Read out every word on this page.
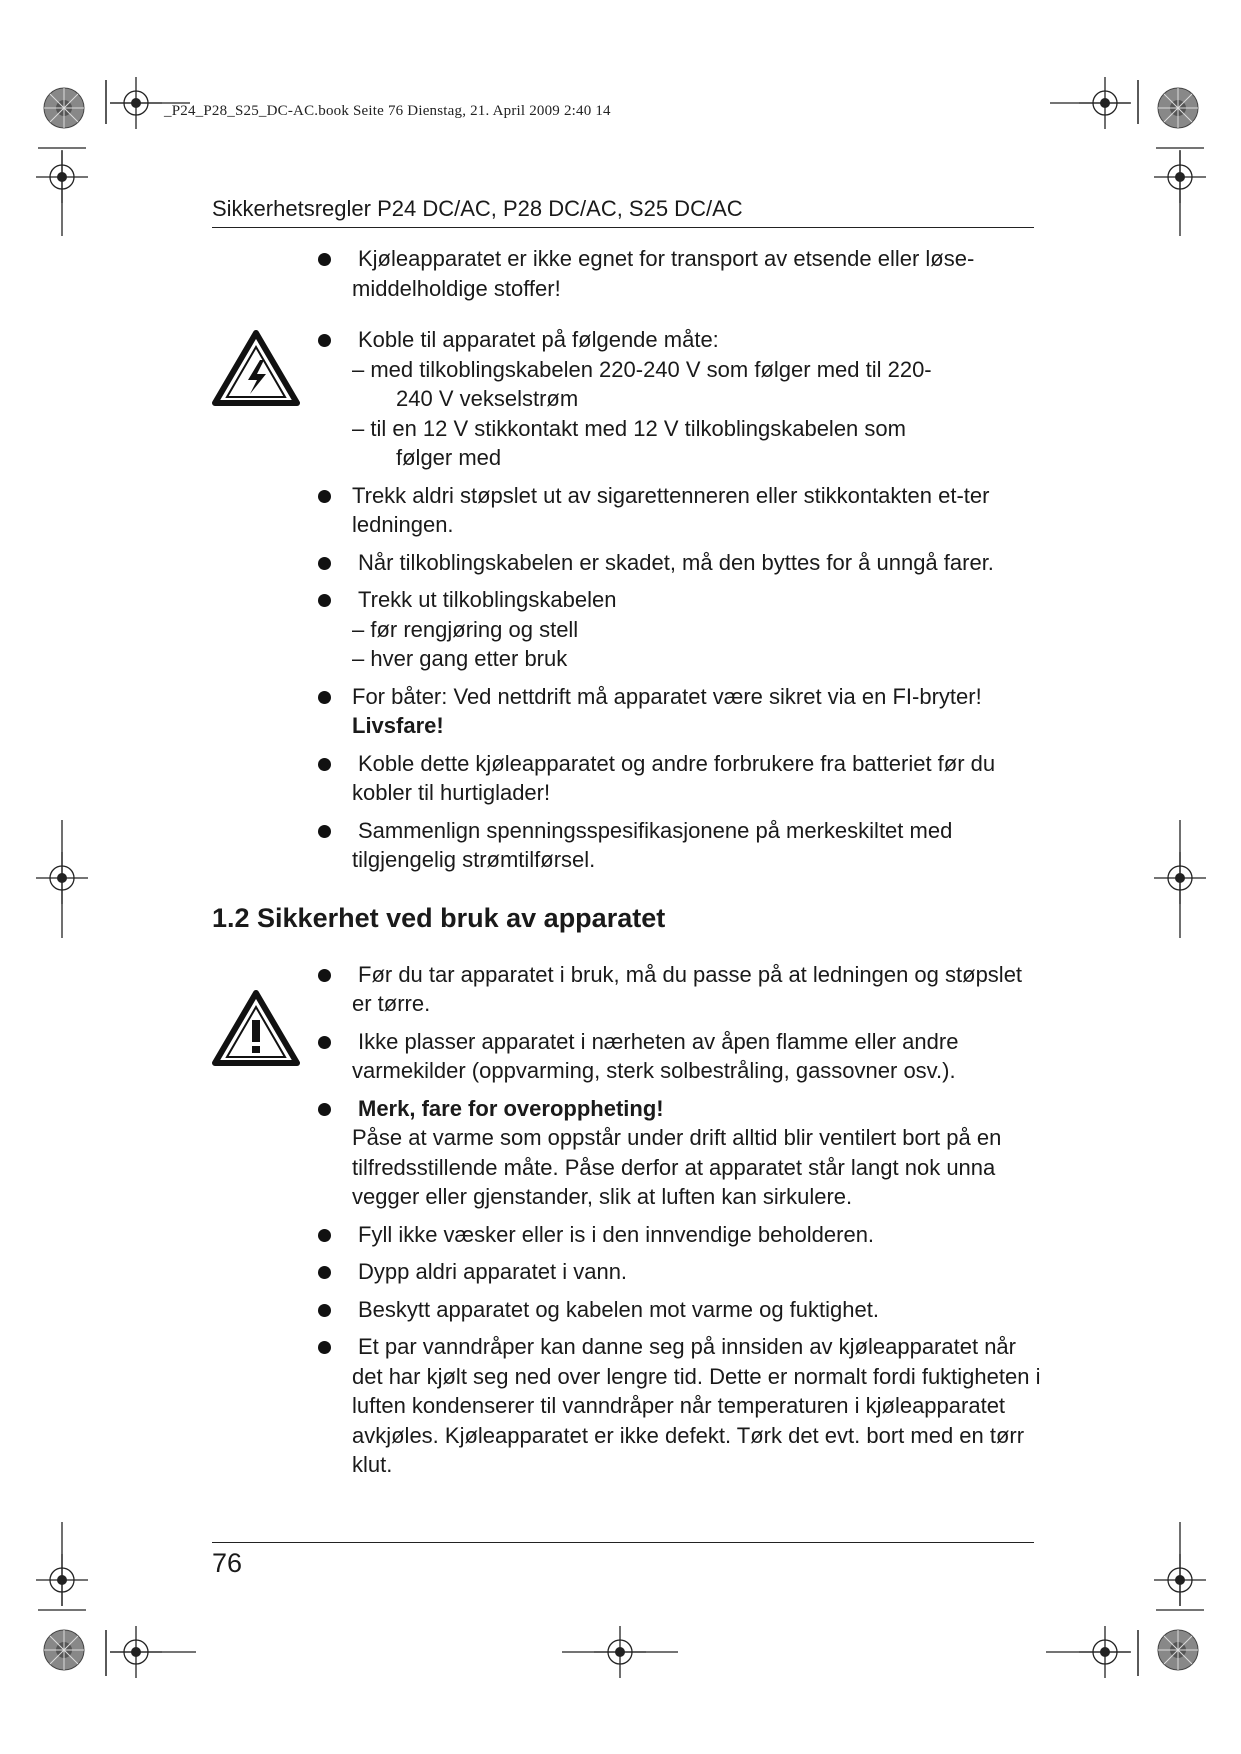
_P24_P28_S25_DC-AC.book Seite 76 Dienstag, 21. April 2009 2:40 14
Sikkerhetsregler P24 DC/AC, P28 DC/AC, S25 DC/AC
Kjøleapparatet er ikke egnet for transport av etsende eller løse-middelholdige stoffer!
Koble til apparatet på følgende måte:
– med tilkoblingskabelen 220-240 V som følger med til 220-
240 V vekselstrøm
– til en 12 V stikkontakt med 12 V tilkoblingskabelen som
følger med
Trekk aldri støpslet ut av sigarettenneren eller stikkontakten et-ter ledningen.
Når tilkoblingskabelen er skadet, må den byttes for å unngå farer.
Trekk ut tilkoblingskabelen
– før rengjøring og stell
– hver gang etter bruk
For båter: Ved nettdrift må apparatet være sikret via en FI-bryter! Livsfare!
Koble dette kjøleapparatet og andre forbrukere fra batteriet før du kobler til hurtiglader!
Sammenlign spenningsspesifikasjonene på merkeskiltet med tilgjengelig strømtilførsel.
1.2 Sikkerhet ved bruk av apparatet
Før du tar apparatet i bruk, må du passe på at ledningen og støpslet er tørre.
Ikke plasser apparatet i nærheten av åpen flamme eller andre varmekilder (oppvarming, sterk solbestråling, gassovner osv.).
Merk, fare for overoppheting!
Påse at varme som oppstår under drift alltid blir ventilert bort på en tilfredsstillende måte. Påse derfor at apparatet står langt nok unna vegger eller gjenstander, slik at luften kan sirkulere.
Fyll ikke væsker eller is i den innvendige beholderen.
Dypp aldri apparatet i vann.
Beskytt apparatet og kabelen mot varme og fuktighet.
Et par vanndråper kan danne seg på innsiden av kjøleapparatet når det har kjølt seg ned over lengre tid. Dette er normalt fordi fuktigheten i luften kondenserer til vanndråper når temperaturen i kjøleapparatet avkjøles. Kjøleapparatet er ikke defekt. Tørk det evt. bort med en tørr klut.
76
